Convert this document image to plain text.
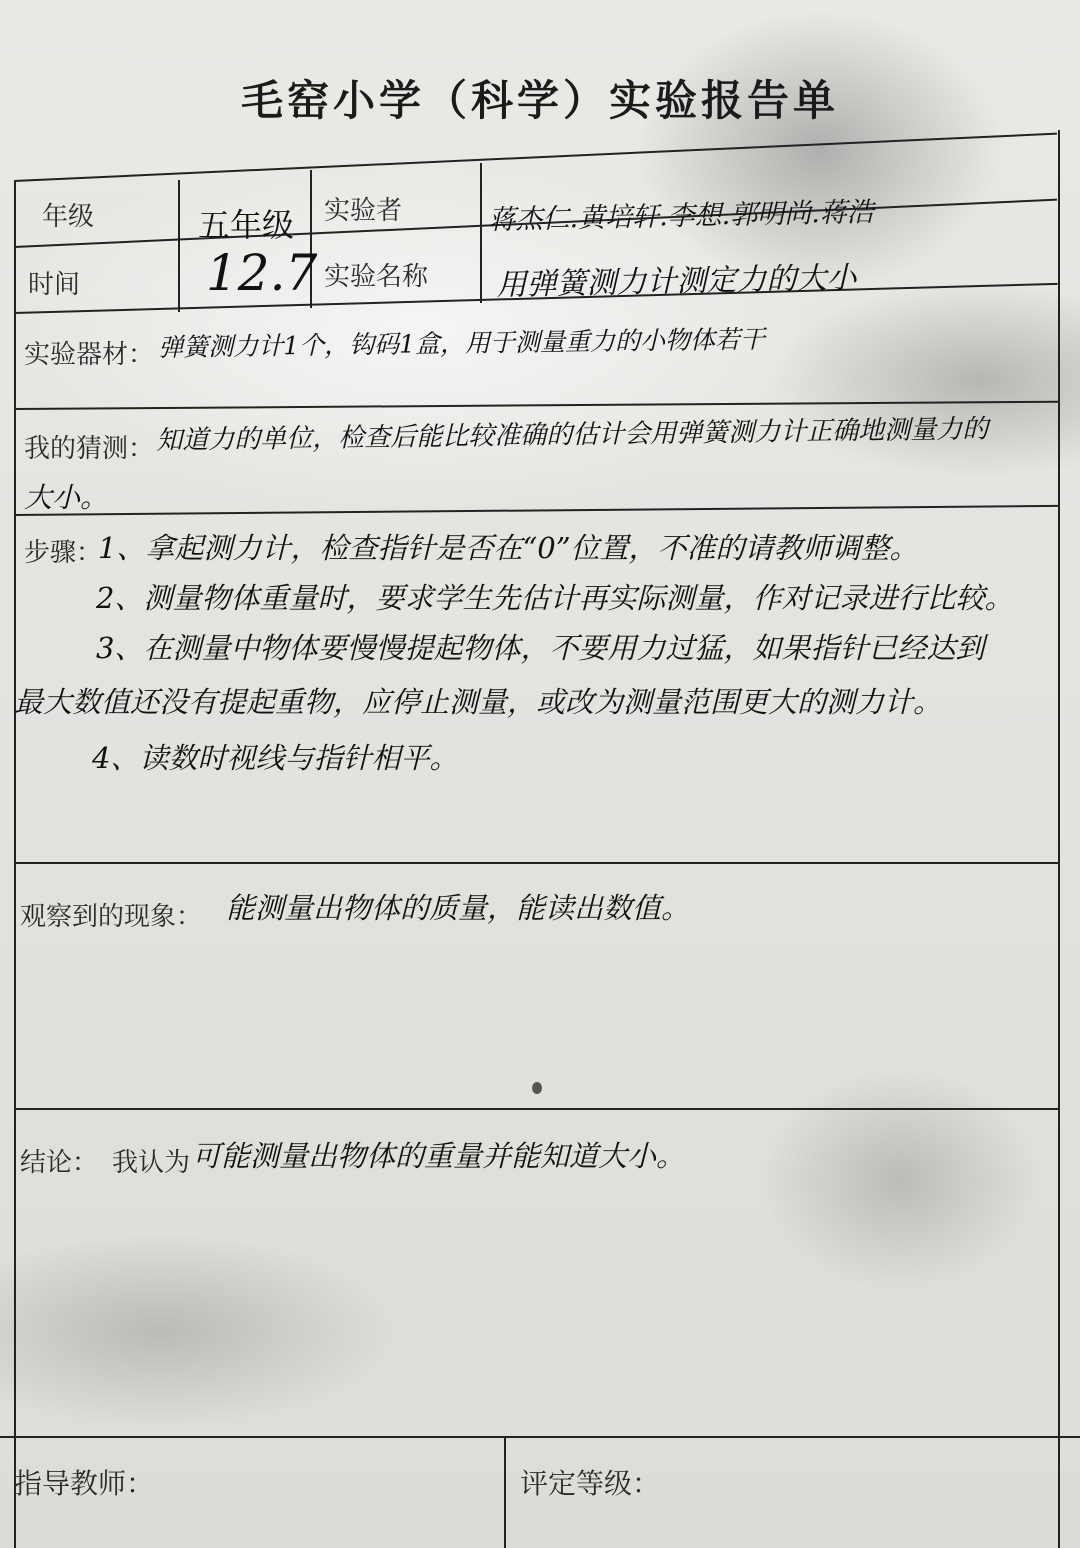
毛窑小学（科学）实验报告单
年级	五年级 实验者	蒋杰仁.黄培轩.李想.郭明尚.蒋浩
时间	12.7 实验名称 用弹簧测力计测定力的大小
实验器材： 弹簧测力计1个，钩码1盒，用于测量重力的小物体若干
我的猜测： 知道力的单位，检查后能比较准确的估计会用弹簧测力计正确地测量力的
大小。
步骤：
1、拿起测力计，检查指针是否在“0”位置，不准的请教师调整。
2、测量物体重量时，要求学生先估计再实际测量，作对记录进行比较。
3、在测量中物体要慢慢提起物体，不要用力过猛，如果指针已经达到
最大数值还没有提起重物，应停止测量，或改为测量范围更大的测力计。
4、读数时视线与指针相平。
观察到的现象： 能测量出物体的质量，能读出数值。
结论： 我认为 可能测量出物体的重量并能知道大小。
指导教师：	评定等级：
